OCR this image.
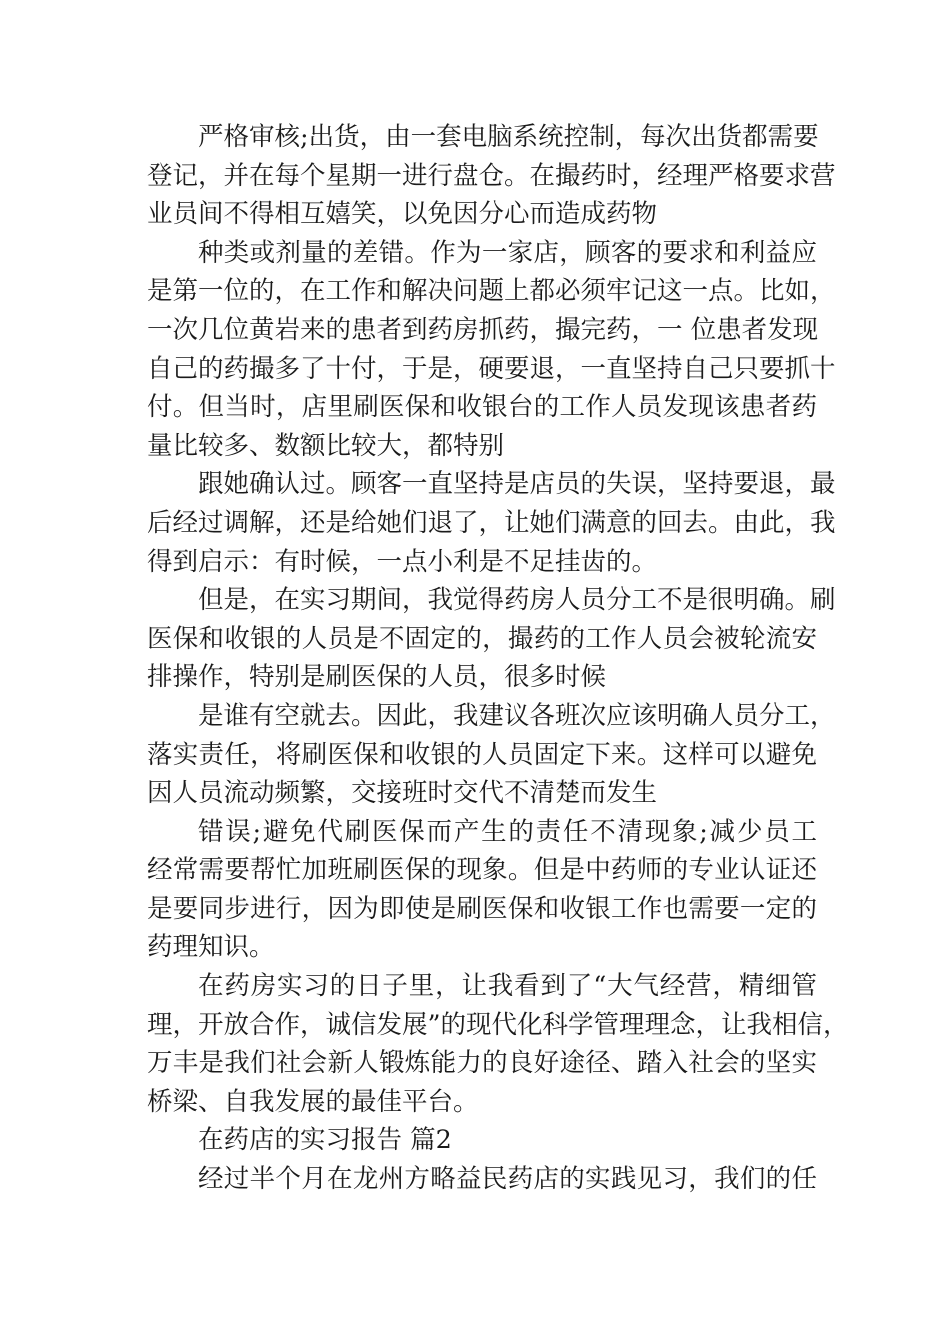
严格审核;出货，由一套电脑系统控制，每次出货都需要
登记，并在每个星期一进行盘仓。在撮药时，经理严格要求营
业员间不得相互嬉笑，以免因分心而造成药物
种类或剂量的差错。作为一家店，顾客的要求和利益应
是第一位的，在工作和解决问题上都必须牢记这一点。比如，
一次几位黄岩来的患者到药房抓药，撮完药，一 位患者发现
自己的药撮多了十付，于是，硬要退，一直坚持自己只要抓十
付。但当时，店里刷医保和收银台的工作人员发现该患者药
量比较多、数额比较大，都特别
跟她确认过。顾客一直坚持是店员的失误，坚持要退，最
后经过调解，还是给她们退了，让她们满意的回去。由此，我
得到启示：有时候，一点小利是不足挂齿的。
但是，在实习期间，我觉得药房人员分工不是很明确。刷
医保和收银的人员是不固定的，撮药的工作人员会被轮流安
排操作，特别是刷医保的人员，很多时候
是谁有空就去。因此，我建议各班次应该明确人员分工，
落实责任，将刷医保和收银的人员固定下来。这样可以避免
因人员流动频繁，交接班时交代不清楚而发生
错误;避免代刷医保而产生的责任不清现象;减少员工
经常需要帮忙加班刷医保的现象。但是中药师的专业认证还
是要同步进行，因为即使是刷医保和收银工作也需要一定的
药理知识。
在药房实习的日子里，让我看到了“大气经营，精细管
理，开放合作，诚信发展”的现代化科学管理理念，让我相信，
万丰是我们社会新人锻炼能力的良好途径、踏入社会的坚实
桥梁、自我发展的最佳平台。
在药店的实习报告 篇2
经过半个月在龙州方略益民药店的实践见习，我们的任
